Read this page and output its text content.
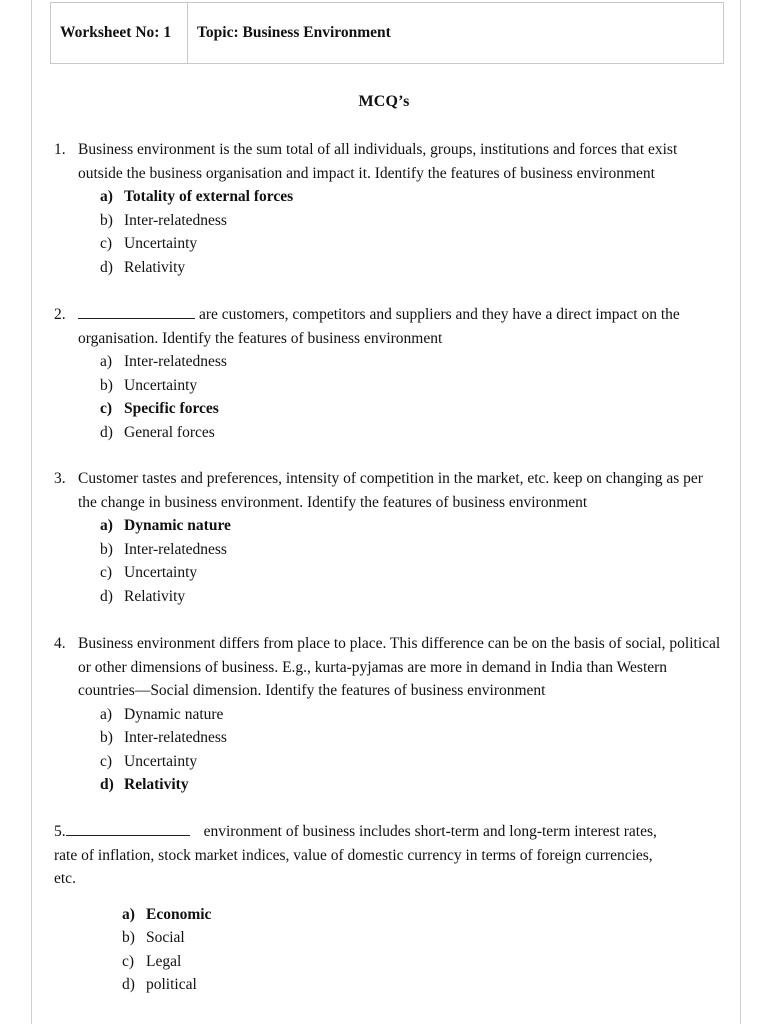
Worksheet No: 1	Topic: Business Environment
MCQ’s
1. Business environment is the sum total of all individuals, groups, institutions and forces that exist
outside the business organisation and impact it. Identify the features of business environment
a) Totality of external forces
b) Inter-relatedness
c) Uncertainty
d) Relativity
2.	are customers, competitors and suppliers and they have a direct impact on the
organisation. Identify the features of business environment
a) Inter-relatedness
b) Uncertainty
c) Specific forces
d) General forces
3. Customer tastes and preferences, intensity of competition in the market, etc. keep on changing as per
the change in business environment. Identify the features of business environment
a) Dynamic nature
b) Inter-relatedness
c) Uncertainty
d) Relativity
4. Business environment differs from place to place. This difference can be on the basis of social, political
or other dimensions of business. E.g., kurta-pyjamas are more in demand in India than Western
countries—Social dimension. Identify the features of business environment
a) Dynamic nature
b) Inter-relatedness
c) Uncertainty
d) Relativity
5.	environment of business includes short-term and long-term interest rates,
rate of inflation, stock market indices, value of domestic currency in terms of foreign currencies,
etc.
a) Economic
b) Social
c) Legal
d) political
